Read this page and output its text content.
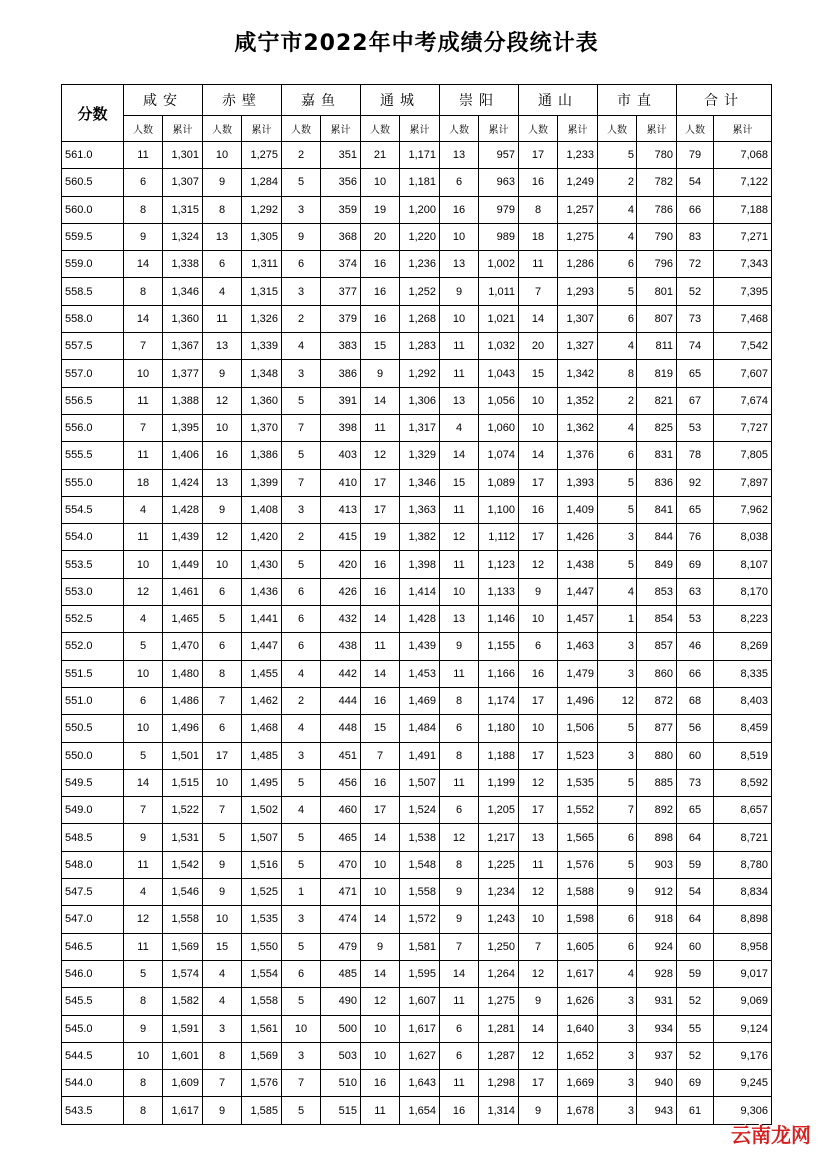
咸宁市2022年中考成绩分段统计表
分数	咸安		赤壁		嘉鱼		通城		崇阳		通山		市直		合计	
	人数	累计	人数	累计	人数	累计	人数	累计	人数	累计	人数	累计	人数	累计	人数	累计
561.0	11	1,301	10	1,275	2	351	21	1,171	13	957	17	1,233	5	780	79	7,068
560.5	6	1,307	9	1,284	5	356	10	1,181	6	963	16	1,249	2	782	54	7,122
560.0	8	1,315	8	1,292	3	359	19	1,200	16	979	8	1,257	4	786	66	7,188
559.5	9	1,324	13	1,305	9	368	20	1,220	10	989	18	1,275	4	790	83	7,271
559.0	14	1,338	6	1,311	6	374	16	1,236	13	1,002	11	1,286	6	796	72	7,343
558.5	8	1,346	4	1,315	3	377	16	1,252	9	1,011	7	1,293	5	801	52	7,395
558.0	14	1,360	11	1,326	2	379	16	1,268	10	1,021	14	1,307	6	807	73	7,468
557.5	7	1,367	13	1,339	4	383	15	1,283	11	1,032	20	1,327	4	811	74	7,542
557.0	10	1,377	9	1,348	3	386	9	1,292	11	1,043	15	1,342	8	819	65	7,607
556.5	11	1,388	12	1,360	5	391	14	1,306	13	1,056	10	1,352	2	821	67	7,674
556.0	7	1,395	10	1,370	7	398	11	1,317	4	1,060	10	1,362	4	825	53	7,727
555.5	11	1,406	16	1,386	5	403	12	1,329	14	1,074	14	1,376	6	831	78	7,805
555.0	18	1,424	13	1,399	7	410	17	1,346	15	1,089	17	1,393	5	836	92	7,897
554.5	4	1,428	9	1,408	3	413	17	1,363	11	1,100	16	1,409	5	841	65	7,962
554.0	11	1,439	12	1,420	2	415	19	1,382	12	1,112	17	1,426	3	844	76	8,038
553.5	10	1,449	10	1,430	5	420	16	1,398	11	1,123	12	1,438	5	849	69	8,107
553.0	12	1,461	6	1,436	6	426	16	1,414	10	1,133	9	1,447	4	853	63	8,170
552.5	4	1,465	5	1,441	6	432	14	1,428	13	1,146	10	1,457	1	854	53	8,223
552.0	5	1,470	6	1,447	6	438	11	1,439	9	1,155	6	1,463	3	857	46	8,269
551.5	10	1,480	8	1,455	4	442	14	1,453	11	1,166	16	1,479	3	860	66	8,335
551.0	6	1,486	7	1,462	2	444	16	1,469	8	1,174	17	1,496	12	872	68	8,403
550.5	10	1,496	6	1,468	4	448	15	1,484	6	1,180	10	1,506	5	877	56	8,459
550.0	5	1,501	17	1,485	3	451	7	1,491	8	1,188	17	1,523	3	880	60	8,519
549.5	14	1,515	10	1,495	5	456	16	1,507	11	1,199	12	1,535	5	885	73	8,592
549.0	7	1,522	7	1,502	4	460	17	1,524	6	1,205	17	1,552	7	892	65	8,657
548.5	9	1,531	5	1,507	5	465	14	1,538	12	1,217	13	1,565	6	898	64	8,721
548.0	11	1,542	9	1,516	5	470	10	1,548	8	1,225	11	1,576	5	903	59	8,780
547.5	4	1,546	9	1,525	1	471	10	1,558	9	1,234	12	1,588	9	912	54	8,834
547.0	12	1,558	10	1,535	3	474	14	1,572	9	1,243	10	1,598	6	918	64	8,898
546.5	11	1,569	15	1,550	5	479	9	1,581	7	1,250	7	1,605	6	924	60	8,958
546.0	5	1,574	4	1,554	6	485	14	1,595	14	1,264	12	1,617	4	928	59	9,017
545.5	8	1,582	4	1,558	5	490	12	1,607	11	1,275	9	1,626	3	931	52	9,069
545.0	9	1,591	3	1,561	10	500	10	1,617	6	1,281	14	1,640	3	934	55	9,124
544.5	10	1,601	8	1,569	3	503	10	1,627	6	1,287	12	1,652	3	937	52	9,176
544.0	8	1,609	7	1,576	7	510	16	1,643	11	1,298	17	1,669	3	940	69	9,245
543.5	8	1,617	9	1,585	5	515	11	1,654	16	1,314	9	1,678	3	943	61	9,306
云南龙网
